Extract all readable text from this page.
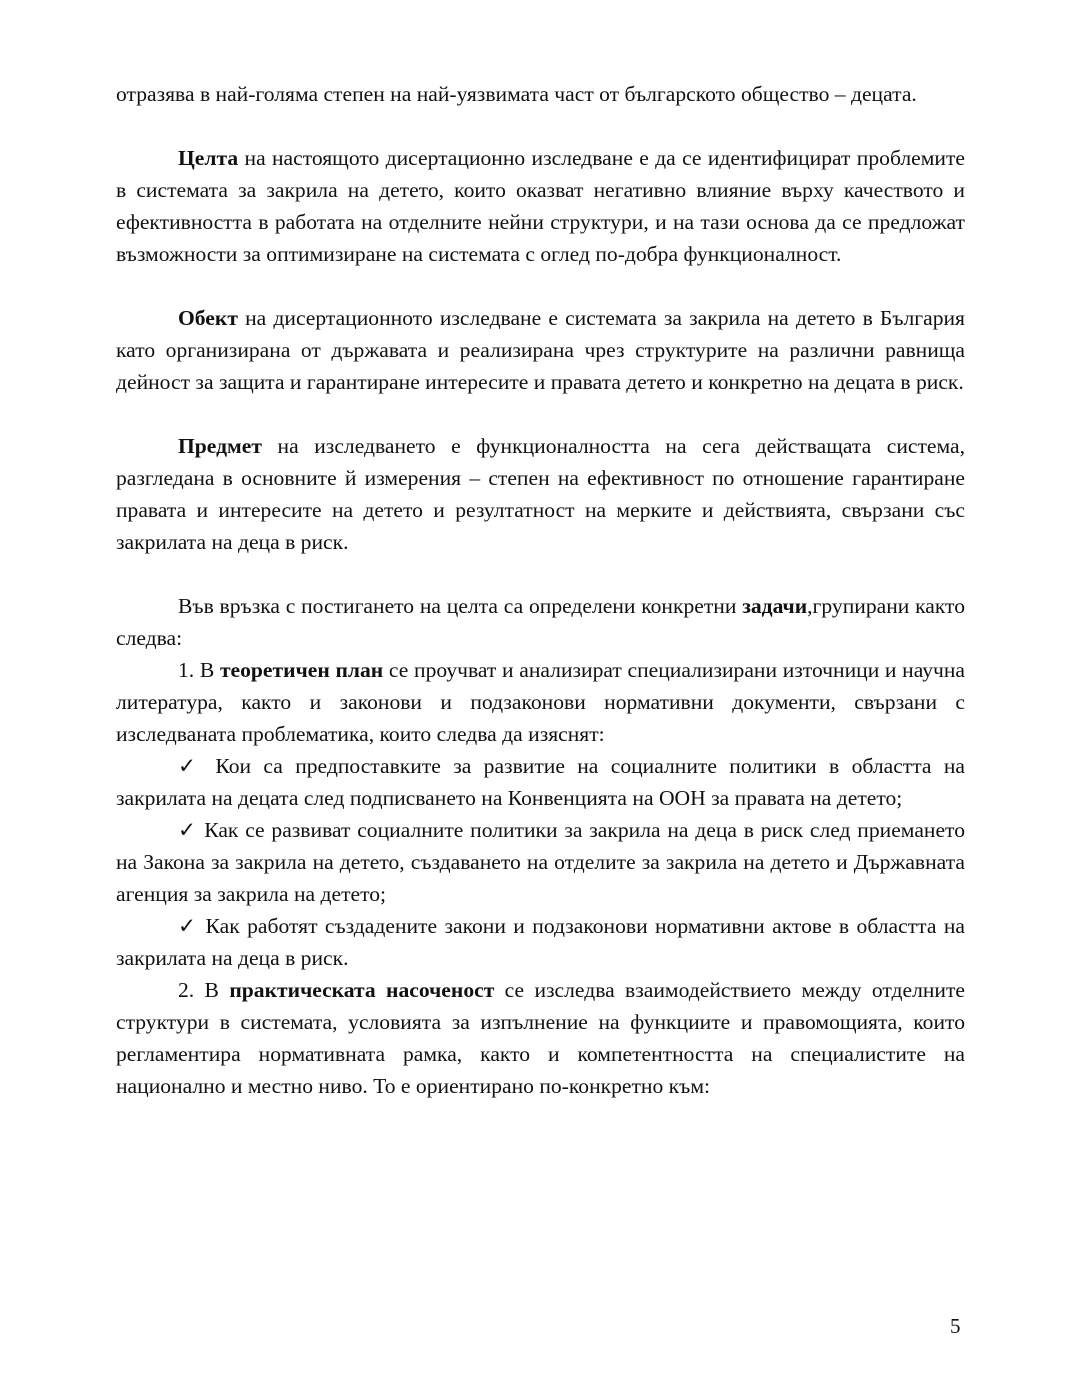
отразява в най-голяма степен на най-уязвимата част от българското общество – децата.

Целта на настоящото дисертационно изследване е да се идентифицират проблемите в системата за закрила на детето, които оказват негативно влияние върху качеството и ефективността в работата на отделните нейни структури, и на тази основа да се предложат възможности за оптимизиране на системата с оглед по-добра функционалност.

Обект на дисертационното изследване е системата за закрила на детето в България като организирана от държавата и реализирана чрез структурите на различни равнища дейност за защита и гарантиране интересите и правата детето и конкретно на децата в риск.

Предмет на изследването е функционалността на сега действащата система, разгледана в основните й измерения – степен на ефективност по отношение гарантиране правата и интересите на детето и резултатност на мерките и действията, свързани със закрилата на деца в риск.

Във връзка с постигането на целта са определени конкретни задачи,групирани както следва:

1. В теоретичен план се проучват и анализират специализирани източници и научна литература, както и законови и подзаконови нормативни документи, свързани с изследваната проблематика, които следва да изяснят:

✓ Кои са предпоставките за развитие на социалните политики в областта на закрилата на децата след подписването на Конвенцията на ООН за правата на детето;

✓ Как се развиват социалните политики за закрила на деца в риск след приемането на Закона за закрила на детето, създаването на отделите за закрила на детето и Държавната агенция за закрила на детето;

✓ Как работят създадените закони и подзаконови нормативни актове в областта на закрилата на деца в риск.

2. В практическата насоченост се изследва взаимодействието между отделните структури в системата, условията за изпълнение на функциите и правомощията, които регламентира нормативната рамка, както и компетентността на специалистите на национално и местно ниво. То е ориентирано по-конкретно към:

5
